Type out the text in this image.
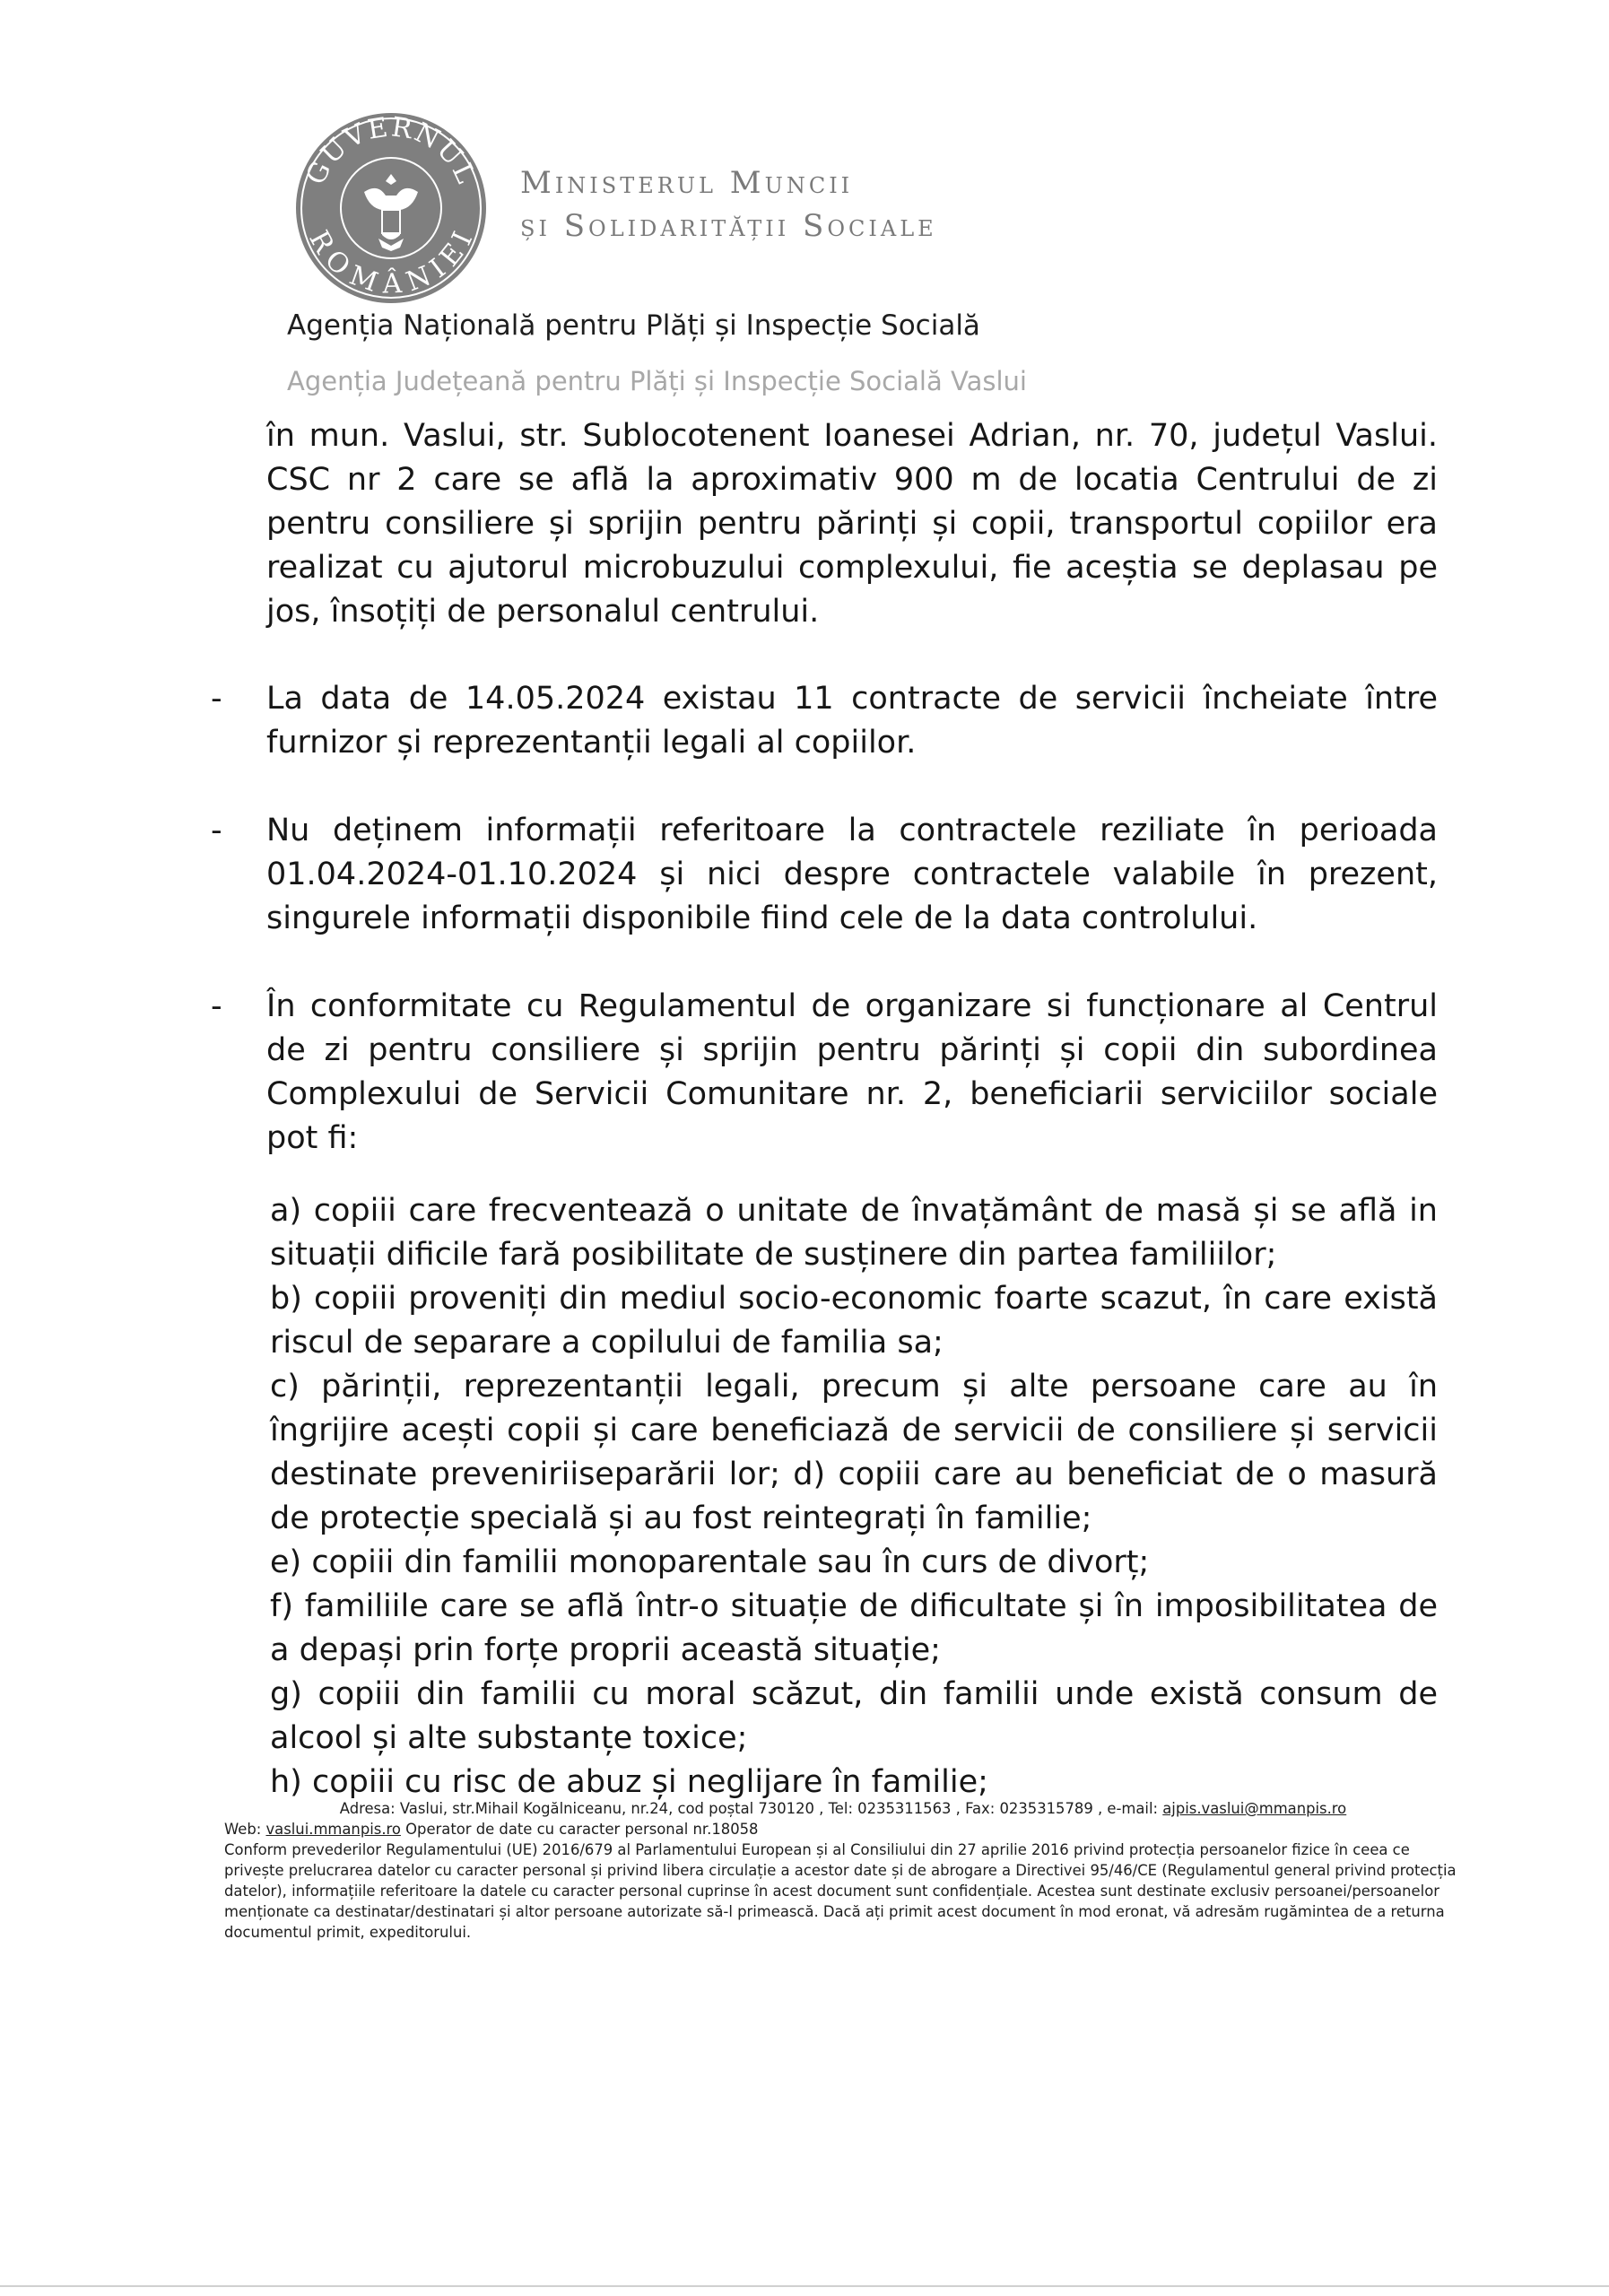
GUVERNUL
ROMÂNIEI
Ministerul Muncii
și Solidarității Sociale
Agenția Națională pentru Plăți și Inspecție Socială
Agenția Județeană pentru Plăți și Inspecție Socială Vaslui

în mun. Vaslui, str. Sublocotenent Ioanesei Adrian, nr. 70, județul Vaslui. CSC nr 2 care se află la aproximativ 900 m de locatia Centrului de zi pentru consiliere și sprijin pentru părinți și copii, transportul copiilor era realizat cu ajutorul microbuzului complexului, fie aceștia se deplasau pe jos, însoțiți de personalul centrului.

- La data de 14.05.2024 existau 11 contracte de servicii încheiate între furnizor și reprezentanții legali al copiilor.

- Nu deținem informații referitoare la contractele reziliate în perioada 01.04.2024-01.10.2024 și nici despre contractele valabile în prezent, singurele informații disponibile fiind cele de la data controlului.

- În conformitate cu Regulamentul de organizare si funcționare al Centrul de zi pentru consiliere și sprijin pentru părinți și copii din subordinea Complexului de Servicii Comunitare nr. 2, beneficiarii serviciilor sociale pot fi:

a) copiii care frecventează o unitate de învațământ de masă și se află in situații dificile fară posibilitate de susținere din partea familiilor;

b) copiii proveniți din mediul socio-economic foarte scazut, în care există riscul de separare a copilului de familia sa;

c) părinții, reprezentanții legali, precum și alte persoane care au în îngrijire acești copii și care beneficiază de servicii de consiliere și servicii destinate preveniriiseparării lor; d) copiii care au beneficiat de o masură de protecție specială și au fost reintegrați în familie;

e) copiii din familii monoparentale sau în curs de divorț;

f) familiile care se află într-o situație de dificultate și în imposibilitatea de a depași prin forțe proprii această situație;

g) copiii din familii cu moral scăzut, din familii unde există consum de alcool și alte substanțe toxice;

h) copiii cu risc de abuz și neglijare în familie;

Adresa: Vaslui, str.Mihail Kogălniceanu, nr.24, cod poștal 730120 , Tel: 0235311563 , Fax: 0235315789 , e-mail: ajpis.vaslui@mmanpis.ro

Web: vaslui.mmanpis.ro Operator de date cu caracter personal nr.18058

Conform prevederilor Regulamentului (UE) 2016/679 al Parlamentului European și al Consiliului din 27 aprilie 2016 privind protecția persoanelor fizice în ceea ce privește prelucrarea datelor cu caracter personal și privind libera circulație a acestor date și de abrogare a Directivei 95/46/CE (Regulamentul general privind protecția datelor), informațiile referitoare la datele cu caracter personal cuprinse în acest document sunt confidențiale. Acestea sunt destinate exclusiv persoanei/persoanelor menționate ca destinatar/destinatari și altor persoane autorizate să-l primească. Dacă ați primit acest document în mod eronat, vă adresăm rugămintea de a returna documentul primit, expeditorului.
